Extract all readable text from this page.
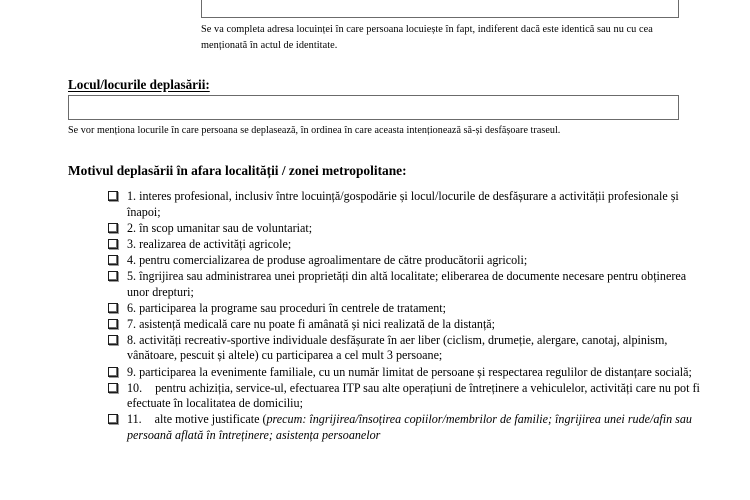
Se va completa adresa locuinței în care persoana locuiește în fapt, indiferent dacă este identică sau nu cu cea menționată în actul de identitate.
Locul/locurile deplasării:
Se vor menționa locurile în care persoana se deplasează, în ordinea în care aceasta intenționează să-și desfășoare traseul.
Motivul deplasării în afara localității / zonei metropolitane:
1. interes profesional, inclusiv între locuință/gospodărie și locul/locurile de desfășurare a activității profesionale și înapoi;
2. în scop umanitar sau de voluntariat;
3. realizarea de activități agricole;
4. pentru comercializarea de produse agroalimentare de către producătorii agricoli;
5. îngrijirea sau administrarea unei proprietăți din altă localitate; eliberarea de documente necesare pentru obținerea unor drepturi;
6. participarea la programe sau proceduri în centrele de tratament;
7. asistență medicală care nu poate fi amânată și nici realizată de la distanță;
8. activități recreativ-sportive individuale desfășurate în aer liber (ciclism, drumeție, alergare, canotaj, alpinism, vânătoare, pescuit și altele) cu participarea a cel mult 3 persoane;
9. participarea la evenimente familiale, cu un număr limitat de persoane și respectarea regulilor de distanțare socială;
10. pentru achiziția, service-ul, efectuarea ITP sau alte operațiuni de întreținere a vehiculelor, activități care nu pot fi efectuate în localitatea de domiciliu;
11. alte motive justificate (precum: îngrijirea/însoțirea copiilor/membrilor de familie; îngrijirea unei rude/afin sau persoană aflată în întreținere; asistența persoanelor
